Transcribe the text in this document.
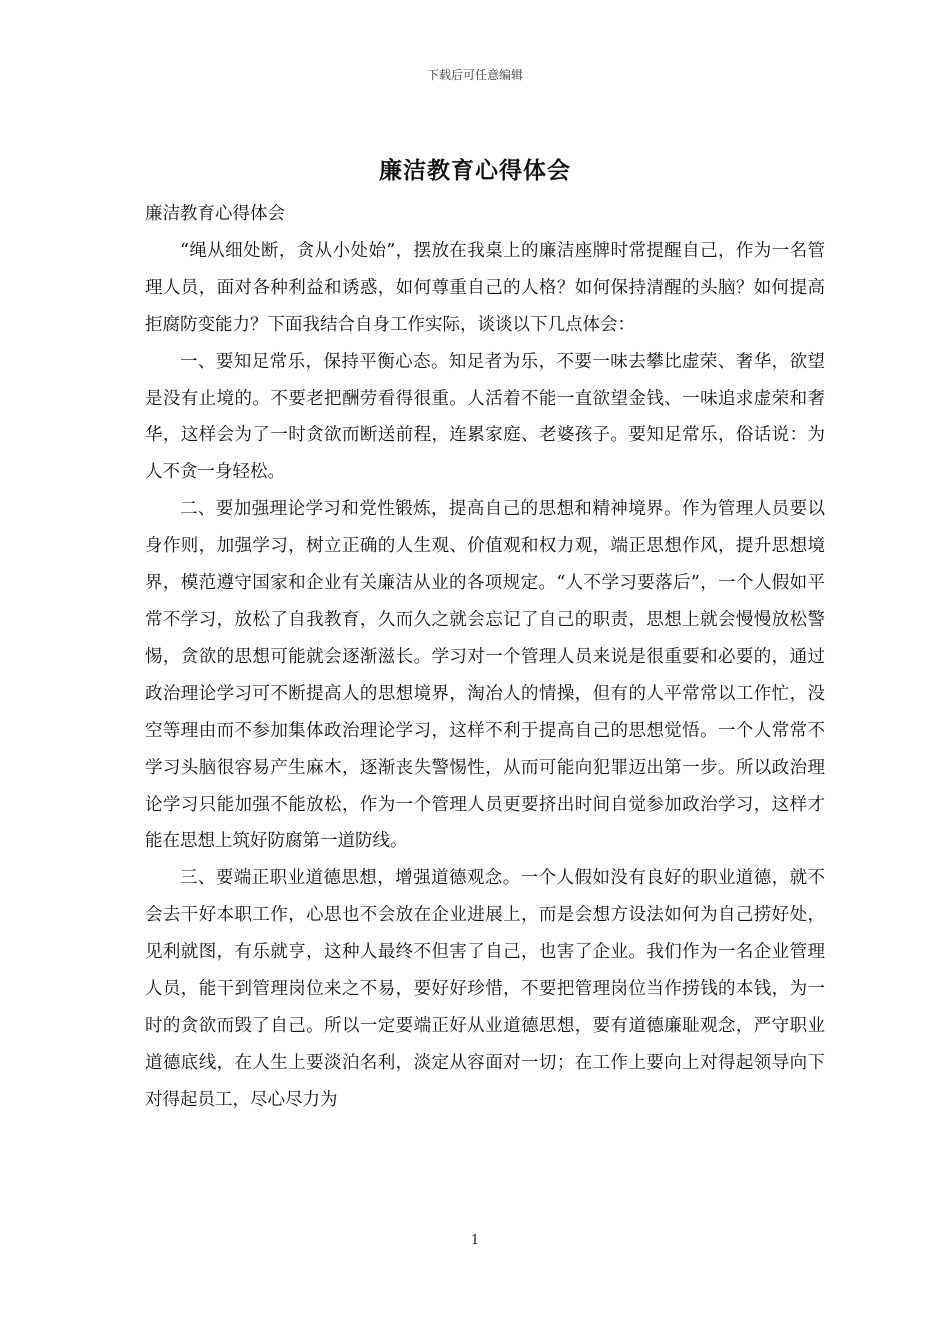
下载后可任意编辑
廉洁教育心得体会

廉洁教育心得体会

“绳从细处断，贪从小处始”，摆放在我桌上的廉洁座牌时常提醒自己，作为一名管理人员，面对各种利益和诱惑，如何尊重自己的人格？如何保持清醒的头脑？如何提高拒腐防变能力？下面我结合自身工作实际，谈谈以下几点体会：

一、要知足常乐，保持平衡心态。知足者为乐，不要一味去攀比虚荣、奢华，欲望是没有止境的。不要老把酬劳看得很重。人活着不能一直欲望金钱、一味追求虚荣和奢华，这样会为了一时贪欲而断送前程，连累家庭、老婆孩子。要知足常乐，俗话说：为人不贪一身轻松。

二、要加强理论学习和党性锻炼，提高自己的思想和精神境界。作为管理人员要以身作则，加强学习，树立正确的人生观、价值观和权力观，端正思想作风，提升思想境界，模范遵守国家和企业有关廉洁从业的各项规定。“人不学习要落后”，一个人假如平常不学习，放松了自我教育，久而久之就会忘记了自己的职责，思想上就会慢慢放松警惕，贪欲的思想可能就会逐渐滋长。学习对一个管理人员来说是很重要和必要的，通过政治理论学习可不断提高人的思想境界，淘冶人的情操，但有的人平常常以工作忙，没空等理由而不参加集体政治理论学习，这样不利于提高自己的思想觉悟。一个人常常不学习头脑很容易产生麻木，逐渐丧失警惕性，从而可能向犯罪迈出第一步。所以政治理论学习只能加强不能放松，作为一个管理人员更要挤出时间自觉参加政治学习，这样才能在思想上筑好防腐第一道防线。

三、要端正职业道德思想，增强道德观念。一个人假如没有良好的职业道德，就不会去干好本职工作，心思也不会放在企业进展上，而是会想方设法如何为自己捞好处，见利就图，有乐就亨，这种人最终不但害了自己，也害了企业。我们作为一名企业管理人员，能干到管理岗位来之不易，要好好珍惜，不要把管理岗位当作捞钱的本钱，为一时的贪欲而毁了自己。所以一定要端正好从业道德思想，要有道德廉耻观念，严守职业道德底线，在人生上要淡泊名利，淡定从容面对一切；在工作上要向上对得起领导向下对得起员工，尽心尽力为

1
